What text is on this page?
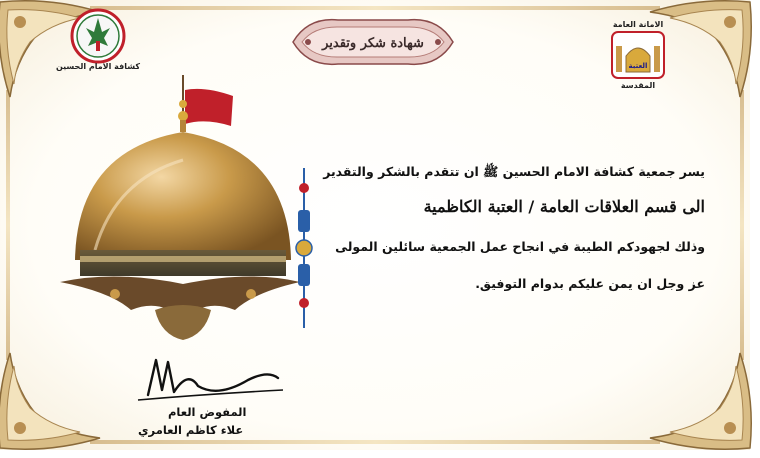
كشافة الامام الحسين
الامانة العامة
العتبة
المقدسة
شهادة شكر وتقدير
يسر جمعية كشافة الامام الحسين ﷺ ان تتقدم بالشكر والتقدير
الى قسم العلاقات العامة / العتبة الكاظمية
وذلك لجهودكم الطيبة في انجاح عمل الجمعية سائلين المولى
عز وجل ان يمن عليكم بدوام التوفيق.
المفوض العام
علاء كاظم العامري
